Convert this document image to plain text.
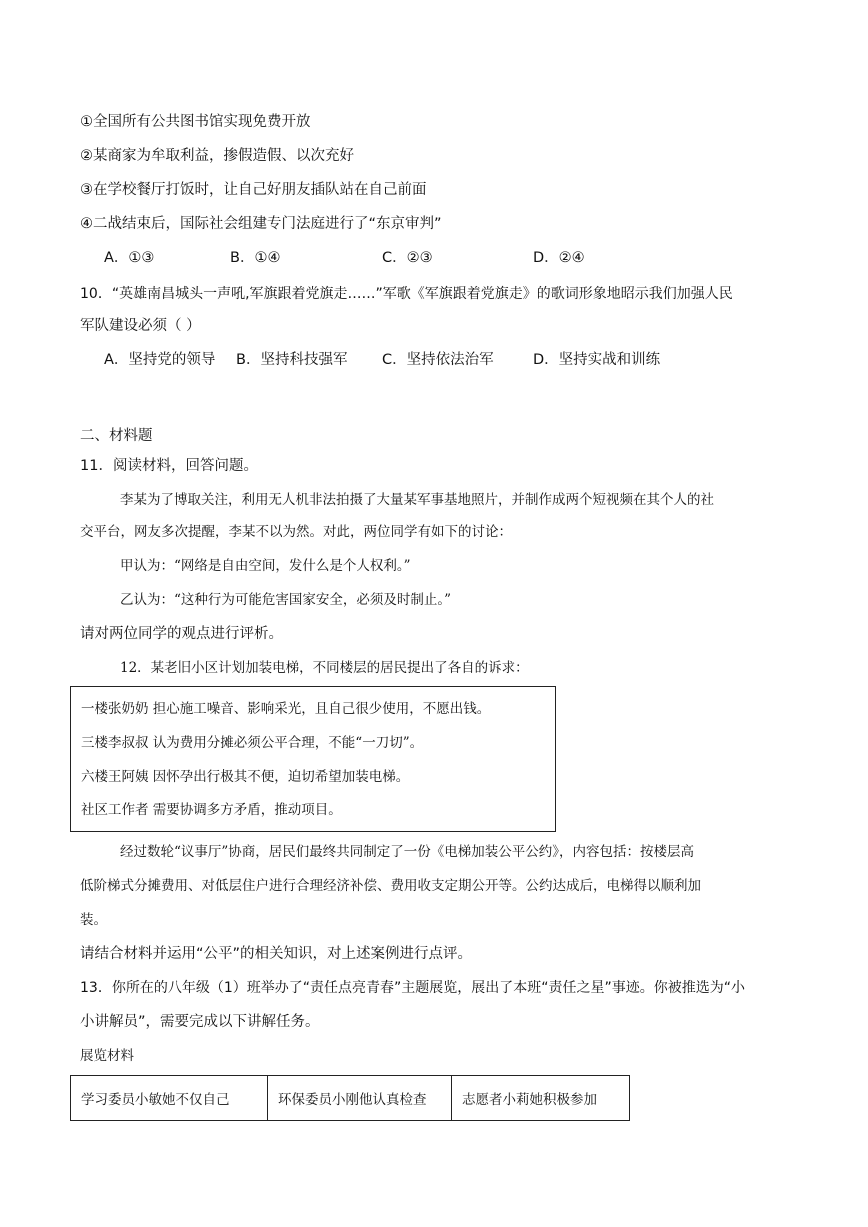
①全国所有公共图书馆实现免费开放
②某商家为牟取利益，掺假造假、以次充好
③在学校餐厅打饭时，让自己好朋友插队站在自己前面
④二战结束后，国际社会组建专门法庭进行了“东京审判”
A．①③	B．①④	C．②③	D．②④
10．“英雄南昌城头一声吼,军旗跟着党旗走……”军歌《军旗跟着党旗走》的歌词形象地昭示我们加强人民
军队建设必须（ ）
A．坚持党的领导 B．坚持科技强军 C．坚持依法治军	D．坚持实战和训练
二、材料题
11．阅读材料，回答问题。
李某为了博取关注，利用无人机非法拍摄了大量某军事基地照片，并制作成两个短视频在其个人的社
交平台，网友多次提醒，李某不以为然。对此，两位同学有如下的讨论：
甲认为：“网络是自由空间，发什么是个人权利。”
乙认为：“这种行为可能危害国家安全，必须及时制止。”
请对两位同学的观点进行评析。
12．某老旧小区计划加装电梯，不同楼层的居民提出了各自的诉求：
一楼张奶奶 担心施工噪音、影响采光，且自己很少使用，不愿出钱。
三楼李叔叔 认为费用分摊必须公平合理，不能“一刀切”。
六楼王阿姨 因怀孕出行极其不便，迫切希望加装电梯。
社区工作者 需要协调多方矛盾，推动项目。
经过数轮“议事厅”协商，居民们最终共同制定了一份《电梯加装公平公约》，内容包括：按楼层高
低阶梯式分摊费用、对低层住户进行合理经济补偿、费用收支定期公开等。公约达成后，电梯得以顺利加
装。
请结合材料并运用“公平”的相关知识，对上述案例进行点评。
13．你所在的八年级（1）班举办了“责任点亮青春”主题展览，展出了本班“责任之星”事迹。你被推选为“小
小讲解员”，需要完成以下讲解任务。
展览材料
学习委员小敏她不仅自己	环保委员小刚他认真检查	志愿者小莉她积极参加
